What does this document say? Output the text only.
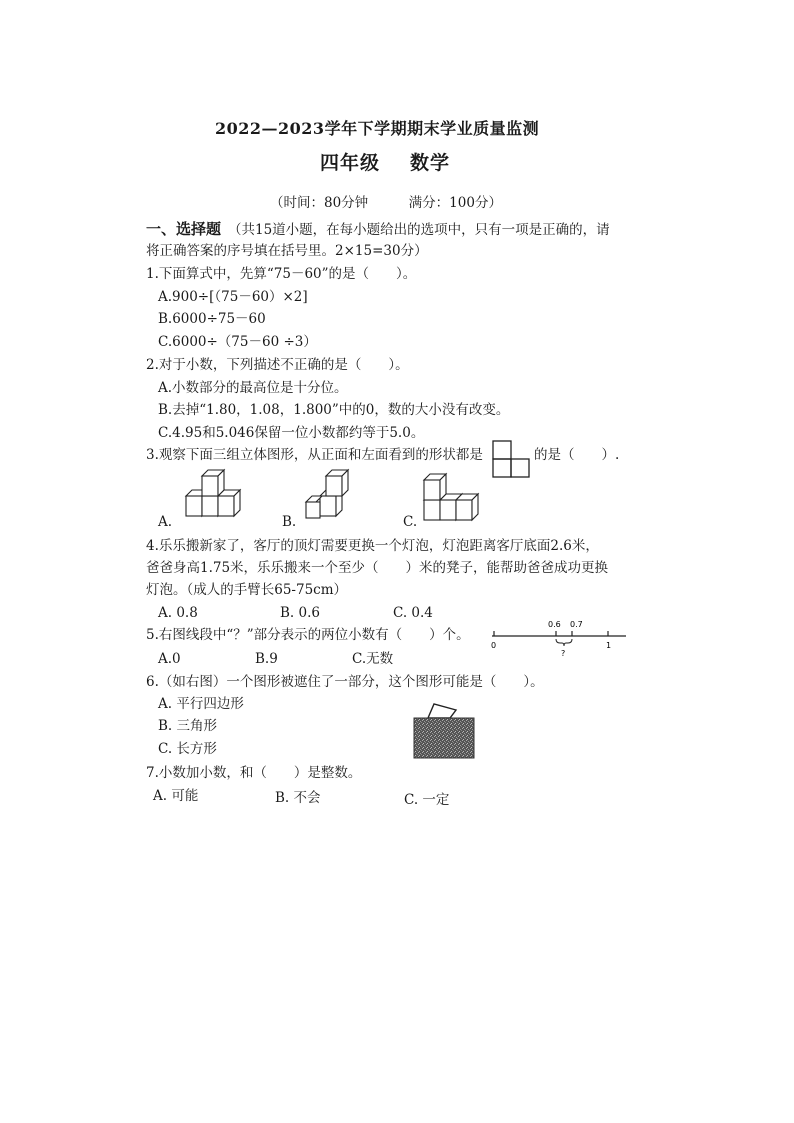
2022—2023学年下学期期末学业质量监测
四年级 数学
（时间：80分钟　　　满分：100分）
一、选择题 （共15道小题，在每小题给出的选项中，只有一项是正确的，请
将正确答案的序号填在括号里。2×15=30分）
1.下面算式中，先算“75－60”的是（　　）。
A.900÷[（75－60）×2]
B.6000÷75－60
C.6000÷（75－60 ÷3）
2.对于小数，下列描述不正确的是（　　）。
A.小数部分的最高位是十分位。
B.去掉“1.80，1.08，1.800”中的0，数的大小没有改变。
C.4.95和5.046保留一位小数都约等于5.0。
3.观察下面三组立体图形，从正面和左面看到的形状都是	的是（　　）.
A.	B.	C.
4.乐乐搬新家了，客厅的顶灯需要更换一个灯泡，灯泡距离客厅底面2.6米，
爸爸身高1.75米，乐乐搬来一个至少（　　）米的凳子，能帮助爸爸成功更换
灯泡。（成人的手臂长65-75cm）
A. 0.8	B. 0.6	C. 0.4
5.右图线段中“？”部分表示的两位小数有（　　）个。
A.0	B.9	C.无数
0
0.6 0.7
?
1
6.（如右图）一个图形被遮住了一部分，这个图形可能是（　　）。
A. 平行四边形
B. 三角形
C. 长方形
7.小数加小数，和（　　）是整数。
A. 可能	B. 不会	C. 一定
